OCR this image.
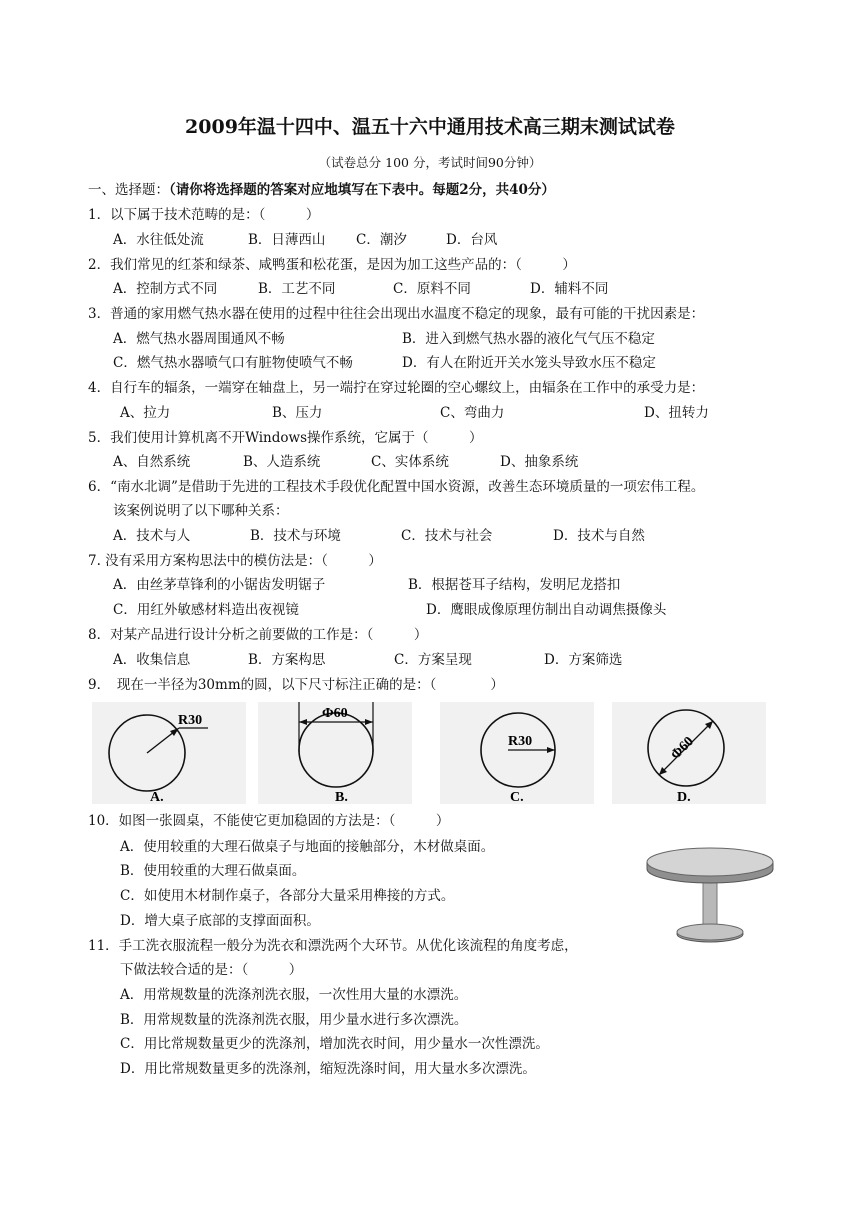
2009年温十四中、温五十六中通用技术高三期末测试试卷
（试卷总分 100 分，考试时间90分钟）
一、选择题：（请你将选择题的答案对应地填写在下表中。每题2分，共40分）
1．以下属于技术范畴的是：（　　　）
A．水往低处流	B．日薄西山 C．潮汐	D．台风
2．我们常见的红茶和绿茶、咸鸭蛋和松花蛋，是因为加工这些产品的：（　　　）
A．控制方式不同	B．工艺不同	C．原料不同	D．辅料不同
3．普通的家用燃气热水器在使用的过程中往往会出现出水温度不稳定的现象，最有可能的干扰因素是：
A．燃气热水器周围通风不畅	B．进入到燃气热水器的液化气气压不稳定
C．燃气热水器喷气口有脏物使喷气不畅	D．有人在附近开关水笼头导致水压不稳定
4．自行车的辐条，一端穿在轴盘上，另一端拧在穿过轮圈的空心螺纹上，由辐条在工作中的承受力是：
A、拉力	B、压力	C、弯曲力	D、扭转力
5．我们使用计算机离不开Windows操作系统，它属于（　　　）
A、自然系统	B、人造系统	C、实体系统	D、抽象系统
6．“南水北调”是借助于先进的工程技术手段优化配置中国水资源，改善生态环境质量的一项宏伟工程。
该案例说明了以下哪种关系：
A．技术与人	B．技术与环境	C．技术与社会	D．技术与自然
7. 没有采用方案构思法中的模仿法是：（　　　）
A．由丝茅草锋利的小锯齿发明锯子	B．根据苍耳子结构，发明尼龙搭扣
C．用红外敏感材料造出夜视镜	D．鹰眼成像原理仿制出自动调焦摄像头
8．对某产品进行设计分析之前要做的工作是：（　　　）
A．收集信息	B．方案构思	C．方案呈现	D．方案筛选
9．　现在一半径为30mm的圆，以下尺寸标注正确的是：（　　　　）
R30
A.
Φ60
B.
R30
C.
Φ60
D.
10．如图一张圆桌，不能使它更加稳固的方法是：（　　　）
A．使用较重的大理石做桌子与地面的接触部分，木材做桌面。
B．使用较重的大理石做桌面。
C．如使用木材制作桌子，各部分大量采用榫接的方式。
D．增大桌子底部的支撑面面积。
11．手工洗衣服流程一般分为洗衣和漂洗两个大环节。从优化该流程的角度考虑，
下做法较合适的是：（　　　）
A．用常规数量的洗涤剂洗衣服，一次性用大量的水漂洗。
B．用常规数量的洗涤剂洗衣服，用少量水进行多次漂洗。
C．用比常规数量更少的洗涤剂，增加洗衣时间，用少量水一次性漂洗。
D．用比常规数量更多的洗涤剂，缩短洗涤时间，用大量水多次漂洗。
